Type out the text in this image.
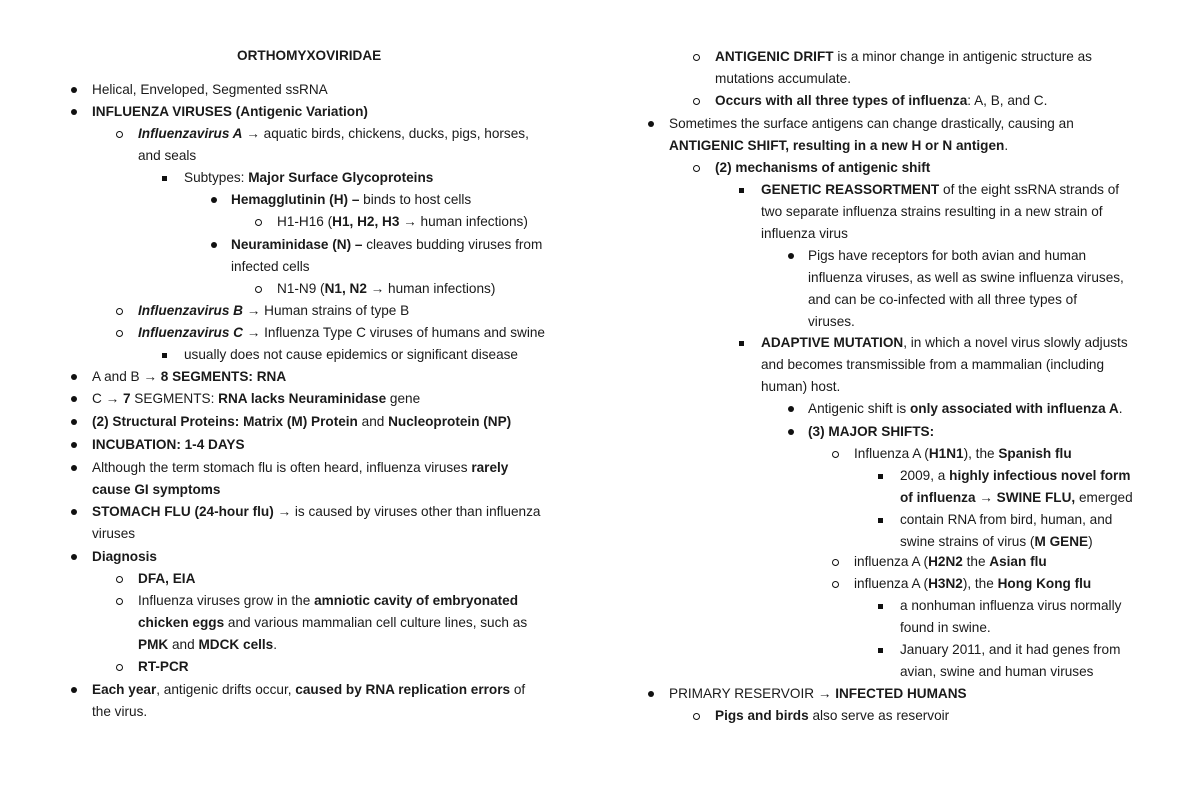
ORTHOMYXOVIRIDAE
Helical, Enveloped, Segmented ssRNA
INFLUENZA VIRUSES (Antigenic Variation)
Influenzavirus A → aquatic birds, chickens, ducks, pigs, horses,
and seals
Subtypes: Major Surface Glycoproteins
Hemagglutinin (H) – binds to host cells
H1-H16 (H1, H2, H3 → human infections)
Neuraminidase (N) – cleaves budding viruses from
infected cells
N1-N9 (N1, N2 → human infections)
Influenzavirus B → Human strains of type B
Influenzavirus C → Influenza Type C viruses of humans and swine
usually does not cause epidemics or significant disease
A and B → 8 SEGMENTS: RNA
C → 7 SEGMENTS: RNA lacks Neuraminidase gene
(2) Structural Proteins: Matrix (M) Protein and Nucleoprotein (NP)
INCUBATION: 1-4 DAYS
Although the term stomach flu is often heard, influenza viruses rarely
cause GI symptoms
STOMACH FLU (24-hour flu) → is caused by viruses other than influenza
viruses
Diagnosis
DFA, EIA
Influenza viruses grow in the amniotic cavity of embryonated
chicken eggs and various mammalian cell culture lines, such as
PMK and MDCK cells.
RT-PCR
Each year, antigenic drifts occur, caused by RNA replication errors of
the virus.
ANTIGENIC DRIFT is a minor change in antigenic structure as
mutations accumulate.
Occurs with all three types of influenza: A, B, and C.
Sometimes the surface antigens can change drastically, causing an
ANTIGENIC SHIFT, resulting in a new H or N antigen.
(2) mechanisms of antigenic shift
GENETIC REASSORTMENT of the eight ssRNA strands of
two separate influenza strains resulting in a new strain of
influenza virus
Pigs have receptors for both avian and human
influenza viruses, as well as swine influenza viruses,
and can be co-infected with all three types of
viruses.
ADAPTIVE MUTATION, in which a novel virus slowly adjusts
and becomes transmissible from a mammalian (including
human) host.
Antigenic shift is only associated with influenza A.
(3) MAJOR SHIFTS:
Influenza A (H1N1), the Spanish flu
2009, a highly infectious novel form
of influenza → SWINE FLU, emerged
contain RNA from bird, human, and
swine strains of virus (M GENE)
influenza A (H2N2 the Asian flu
influenza A (H3N2), the Hong Kong flu
a nonhuman influenza virus normally
found in swine.
January 2011, and it had genes from
avian, swine and human viruses
PRIMARY RESERVOIR → INFECTED HUMANS
Pigs and birds also serve as reservoir
